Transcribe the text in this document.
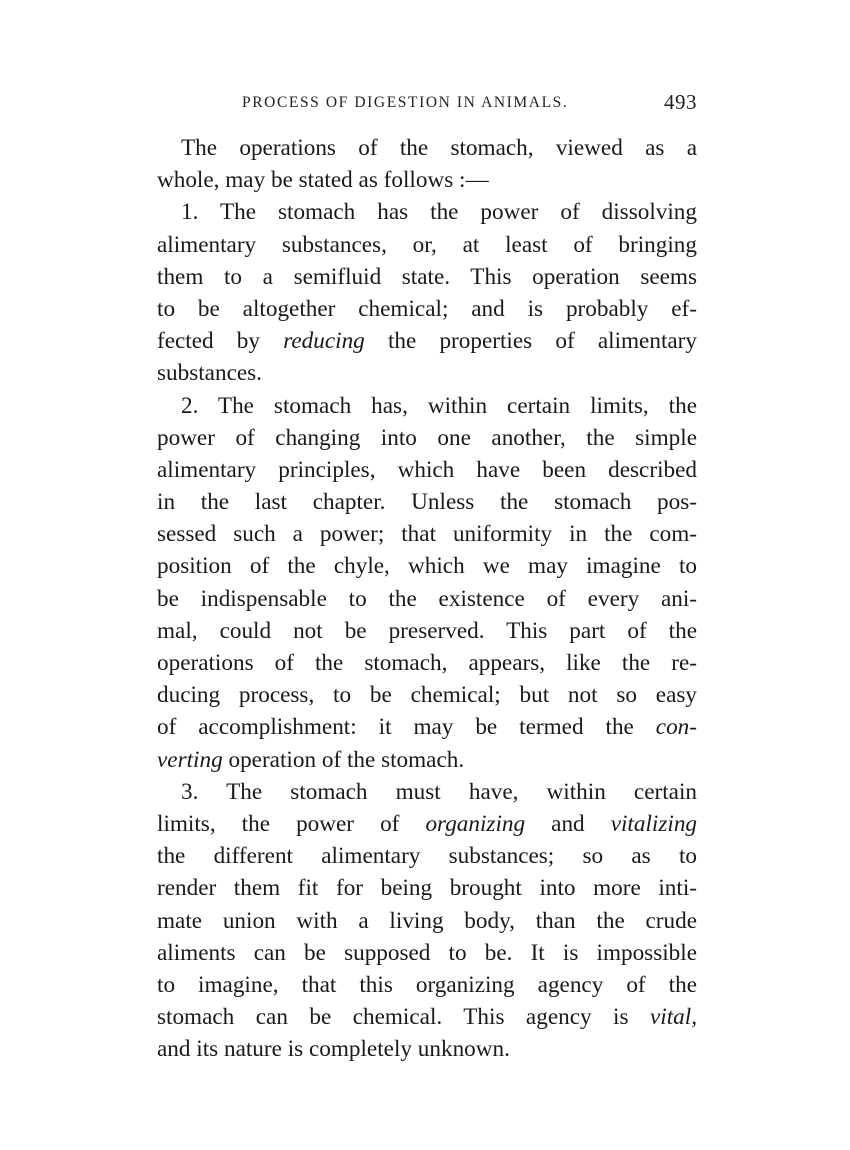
PROCESS OF DIGESTION IN ANIMALS.	493
The operations of the stomach, viewed as a
whole, may be stated as follows :—
1. The stomach has the power of dissolving
alimentary substances, or, at least of bringing
them to a semifluid state. This operation seems
to be altogether chemical; and is probably ef-
fected by reducing the properties of alimentary
substances.
2. The stomach has, within certain limits, the
power of changing into one another, the simple
alimentary principles, which have been described
in the last chapter. Unless the stomach pos-
sessed such a power; that uniformity in the com-
position of the chyle, which we may imagine to
be indispensable to the existence of every ani-
mal, could not be preserved. This part of the
operations of the stomach, appears, like the re-
ducing process, to be chemical; but not so easy
of accomplishment: it may be termed the con-
verting operation of the stomach.
3. The stomach must have, within certain
limits, the power of organizing and vitalizing
the different alimentary substances; so as to
render them fit for being brought into more inti-
mate union with a living body, than the crude
aliments can be supposed to be. It is impossible
to imagine, that this organizing agency of the
stomach can be chemical. This agency is vital,
and its nature is completely unknown.
